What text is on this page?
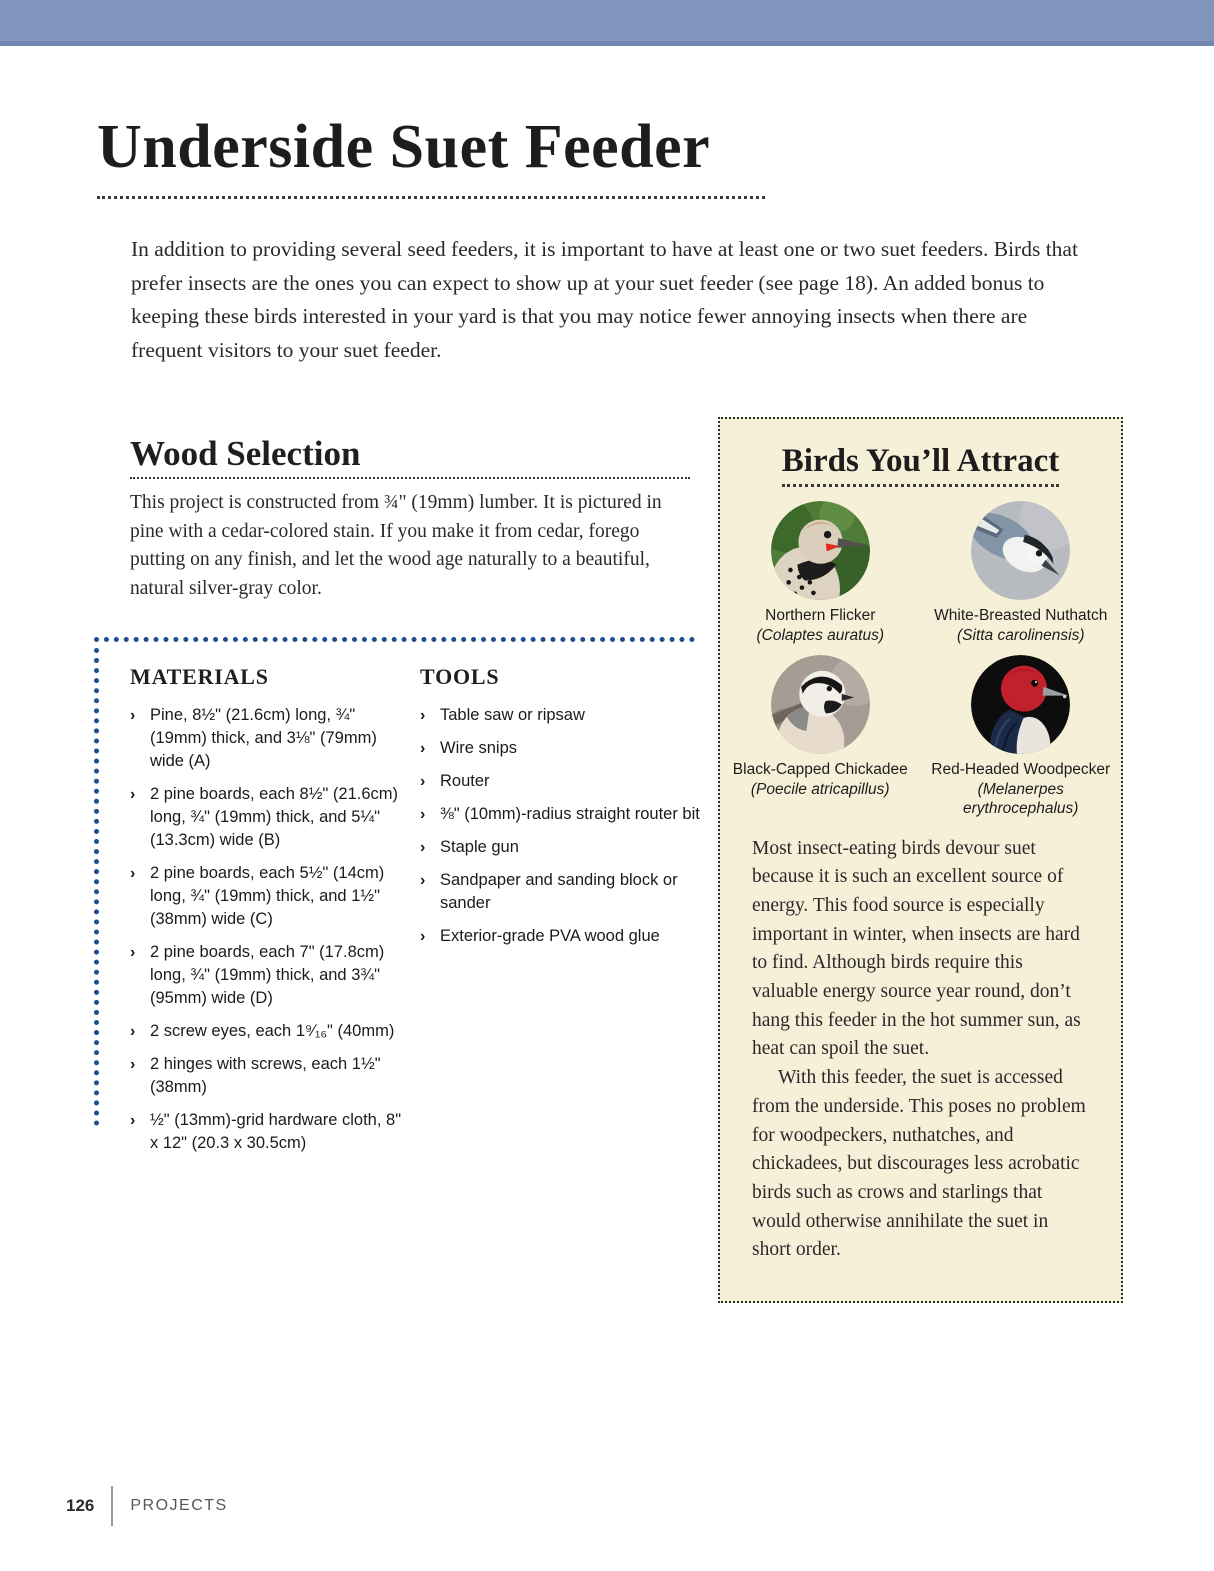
Underside Suet Feeder

In addition to providing several seed feeders, it is important to have at least one or two suet feeders. Birds that prefer insects are the ones you can expect to show up at your suet feeder (see page 18). An added bonus to keeping these birds interested in your yard is that you may notice fewer annoying insects when there are frequent visitors to your suet feeder.

Wood Selection

This project is constructed from ¾" (19mm) lumber. It is pictured in pine with a cedar-colored stain. If you make it from cedar, forego putting on any finish, and let the wood age naturally to a beautiful, natural silver-gray color.

MATERIALS
› Pine, 8½" (21.6cm) long, ¾" (19mm) thick, and 3⅛" (79mm) wide (A)
› 2 pine boards, each 8½" (21.6cm) long, ¾" (19mm) thick, and 5¼" (13.3cm) wide (B)
› 2 pine boards, each 5½" (14cm) long, ¾" (19mm) thick, and 1½" (38mm) wide (C)
› 2 pine boards, each 7" (17.8cm) long, ¾" (19mm) thick, and 3¾" (95mm) wide (D)
› 2 screw eyes, each 1⁹⁄₁₆" (40mm)
› 2 hinges with screws, each 1½" (38mm)
› ½" (13mm)-grid hardware cloth, 8" x 12" (20.3 x 30.5cm)
TOOLS
› Table saw or ripsaw
› Wire snips
› Router
› ⅜" (10mm)-radius straight router bit
› Staple gun
› Sandpaper and sanding block or sander
› Exterior-grade PVA wood glue
Birds You’ll Attract
Northern Flicker
(Colaptes auratus)
White-Breasted Nuthatch
(Sitta carolinensis)
Black-Capped Chickadee
(Poecile atricapillus)
Red-Headed Woodpecker
(Melanerpes erythrocephalus)

Most insect-eating birds devour suet because it is such an excellent source of energy. This food source is especially important in winter, when insects are hard to find. Although birds require this valuable energy source year round, don’t hang this feeder in the hot summer sun, as heat can spoil the suet.

With this feeder, the suet is accessed from the underside. This poses no problem for woodpeckers, nuthatches, and chickadees, but discourages less acrobatic birds such as crows and starlings that would otherwise annihilate the suet in short order.

126 PROJECTS
